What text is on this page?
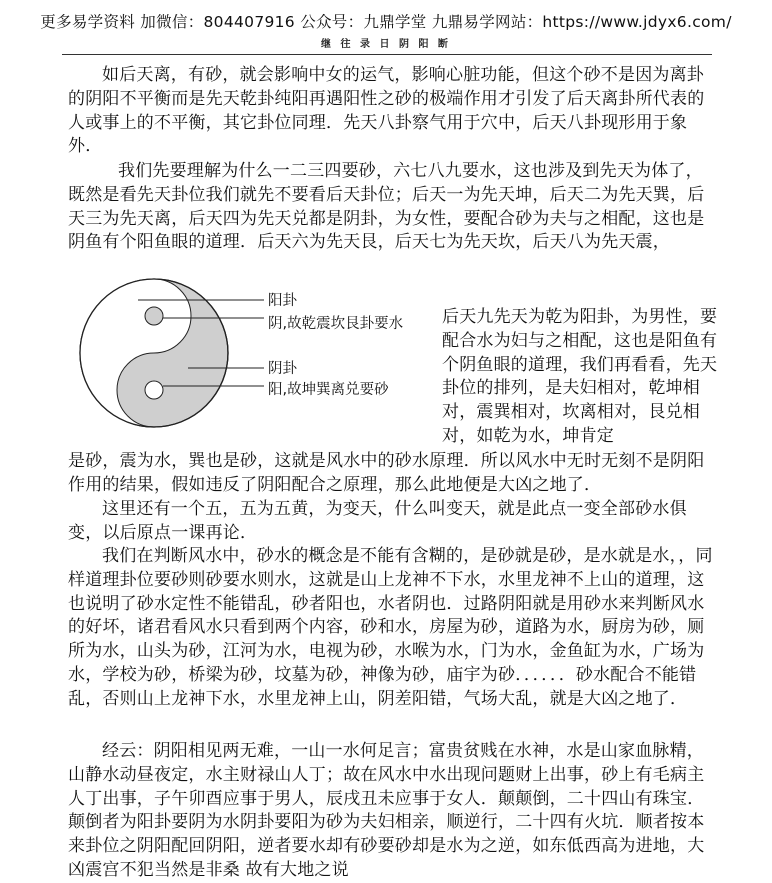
更多易学资料 加微信：804407916 公众号：九鼎学堂 九鼎易学网站：https://www.jdyx6.com/
继 往 录 日 阴 阳 断

如后天离，有砂，就会影响中女的运气，影响心脏功能，但这个砂不是因为离卦的阴阳不平衡而是先天乾卦纯阳再遇阳性之砂的极端作用才引发了后天离卦所代表的人或事上的不平衡，其它卦位同理．先天八卦察气用于穴中，后天八卦现形用于象外．

我们先要理解为什么一二三四要砂，六七八九要水，这也涉及到先天为体了，既然是看先天卦位我们就先不要看后天卦位；后天一为先天坤，后天二为先天巽，后天三为先天离，后天四为先天兑都是阴卦，为女性，要配合砂为夫与之相配，这也是阴鱼有个阳鱼眼的道理．后天六为先天艮，后天七为先天坎，后天八为先天震，

阳卦
阴,故乾震坎艮卦要水
阴卦
阳,故坤巽离兑要砂

后天九先天为乾为阳卦，为男性，要配合水为妇与之相配，这也是阳鱼有个阴鱼眼的道理，我们再看看，先天卦位的排列，是夫妇相对，乾坤相对，震巽相对，坎离相对，艮兑相对，如乾为水，坤肯定

是砂，震为水，巽也是砂，这就是风水中的砂水原理．所以风水中无时无刻不是阴阳作用的结果，假如违反了阴阳配合之原理，那么此地便是大凶之地了．

这里还有一个五，五为五黄，为变天，什么叫变天，就是此点一变全部砂水俱变，以后原点一课再论．

我们在判断风水中，砂水的概念是不能有含糊的，是砂就是砂，是水就是水，，同样道理卦位要砂则砂要水则水，这就是山上龙神不下水，水里龙神不上山的道理，这也说明了砂水定性不能错乱，砂者阳也，水者阴也．过路阴阳就是用砂水来判断风水的好坏，诸君看风水只看到两个内容，砂和水，房屋为砂，道路为水，厨房为砂，厕所为水，山头为砂，江河为水，电视为砂，水喉为水，门为水，金鱼缸为水，广场为水，学校为砂，桥梁为砂，坟墓为砂，神像为砂，庙宇为砂．．．．．．砂水配合不能错乱，否则山上龙神下水，水里龙神上山，阴差阳错，气场大乱，就是大凶之地了．

经云：阴阳相见两无难，一山一水何足言；富贵贫贱在水神，水是山家血脉精，山静水动昼夜定，水主财禄山人丁；故在风水中水出现问题财上出事，砂上有毛病主人丁出事，子午卯酉应事于男人，辰戌丑未应事于女人．颠颠倒，二十四山有珠宝．颠倒者为阳卦要阴为水阴卦要阳为砂为夫妇相亲，顺逆行，二十四有火坑．顺者按本来卦位之阴阳配回阴阳，逆者要水却有砂要砂却是水为之逆，如东低西高为进地，大凶震宫不犯当然是非桑 故有大地之说
